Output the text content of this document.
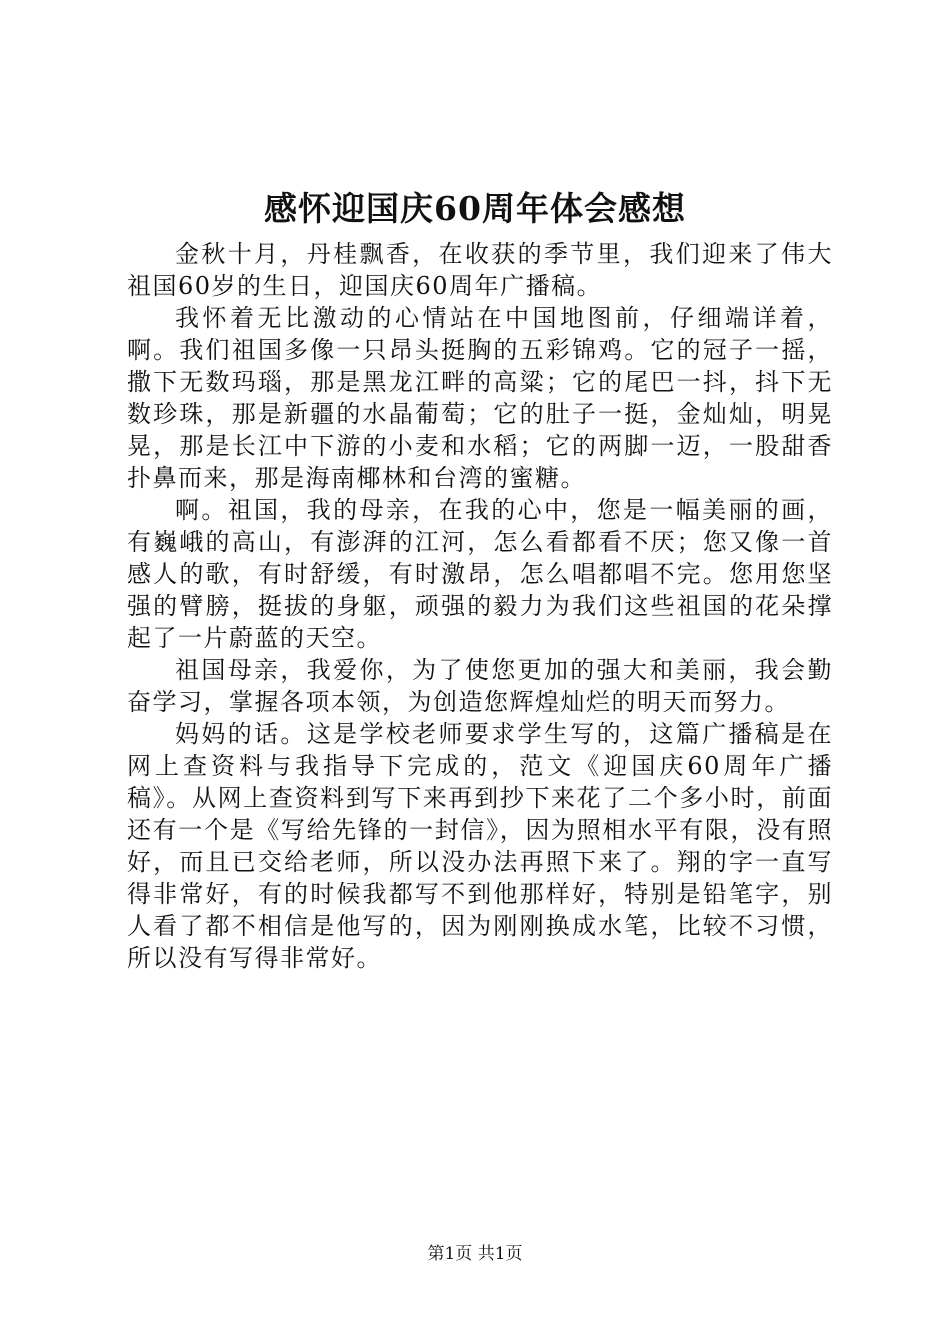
感怀迎国庆60周年体会感想

金秋十月，丹桂飘香，在收获的季节里，我们迎来了伟大祖国60岁的生日，迎国庆60周年广播稿。

我怀着无比激动的心情站在中国地图前，仔细端详着，啊。我们祖国多像一只昂头挺胸的五彩锦鸡。它的冠子一摇，撒下无数玛瑙，那是黑龙江畔的高粱；它的尾巴一抖，抖下无数珍珠，那是新疆的水晶葡萄；它的肚子一挺，金灿灿，明晃晃，那是长江中下游的小麦和水稻；它的两脚一迈，一股甜香扑鼻而来，那是海南椰林和台湾的蜜糖。

啊。祖国，我的母亲，在我的心中，您是一幅美丽的画，有巍峨的高山，有澎湃的江河，怎么看都看不厌；您又像一首感人的歌，有时舒缓，有时激昂，怎么唱都唱不完。您用您坚强的臂膀，挺拔的身躯，顽强的毅力为我们这些祖国的花朵撑起了一片蔚蓝的天空。

祖国母亲，我爱你，为了使您更加的强大和美丽，我会勤奋学习，掌握各项本领，为创造您辉煌灿烂的明天而努力。

妈妈的话。这是学校老师要求学生写的，这篇广播稿是在网上查资料与我指导下完成的，范文《迎国庆60周年广播稿》。从网上查资料到写下来再到抄下来花了二个多小时，前面还有一个是《写给先锋的一封信》，因为照相水平有限，没有照好，而且已交给老师，所以没办法再照下来了。翔的字一直写得非常好，有的时候我都写不到他那样好，特别是铅笔字，别人看了都不相信是他写的，因为刚刚换成水笔，比较不习惯，所以没有写得非常好。

第1页 共1页
